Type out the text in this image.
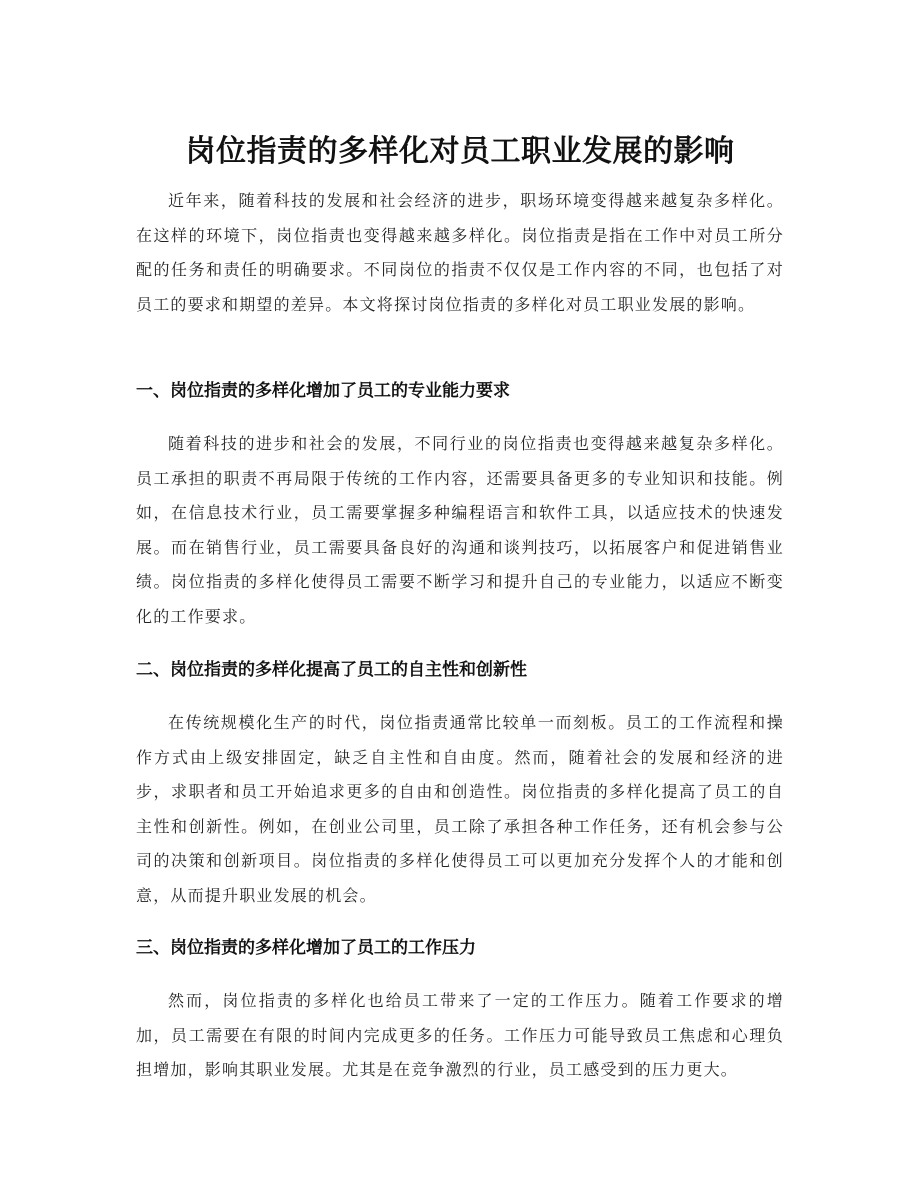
岗位指责的多样化对员工职业发展的影响

近年来，随着科技的发展和社会经济的进步，职场环境变得越来越复杂多样化。在这样的环境下，岗位指责也变得越来越多样化。岗位指责是指在工作中对员工所分配的任务和责任的明确要求。不同岗位的指责不仅仅是工作内容的不同，也包括了对员工的要求和期望的差异。本文将探讨岗位指责的多样化对员工职业发展的影响。

一、岗位指责的多样化增加了员工的专业能力要求

随着科技的进步和社会的发展，不同行业的岗位指责也变得越来越复杂多样化。员工承担的职责不再局限于传统的工作内容，还需要具备更多的专业知识和技能。例如，在信息技术行业，员工需要掌握多种编程语言和软件工具，以适应技术的快速发展。而在销售行业，员工需要具备良好的沟通和谈判技巧，以拓展客户和促进销售业绩。岗位指责的多样化使得员工需要不断学习和提升自己的专业能力，以适应不断变化的工作要求。

二、岗位指责的多样化提高了员工的自主性和创新性

在传统规模化生产的时代，岗位指责通常比较单一而刻板。员工的工作流程和操作方式由上级安排固定，缺乏自主性和自由度。然而，随着社会的发展和经济的进步，求职者和员工开始追求更多的自由和创造性。岗位指责的多样化提高了员工的自主性和创新性。例如，在创业公司里，员工除了承担各种工作任务，还有机会参与公司的决策和创新项目。岗位指责的多样化使得员工可以更加充分发挥个人的才能和创意，从而提升职业发展的机会。

三、岗位指责的多样化增加了员工的工作压力

然而，岗位指责的多样化也给员工带来了一定的工作压力。随着工作要求的增加，员工需要在有限的时间内完成更多的任务。工作压力可能导致员工焦虑和心理负担增加，影响其职业发展。尤其是在竞争激烈的行业，员工感受到的压力更大。
